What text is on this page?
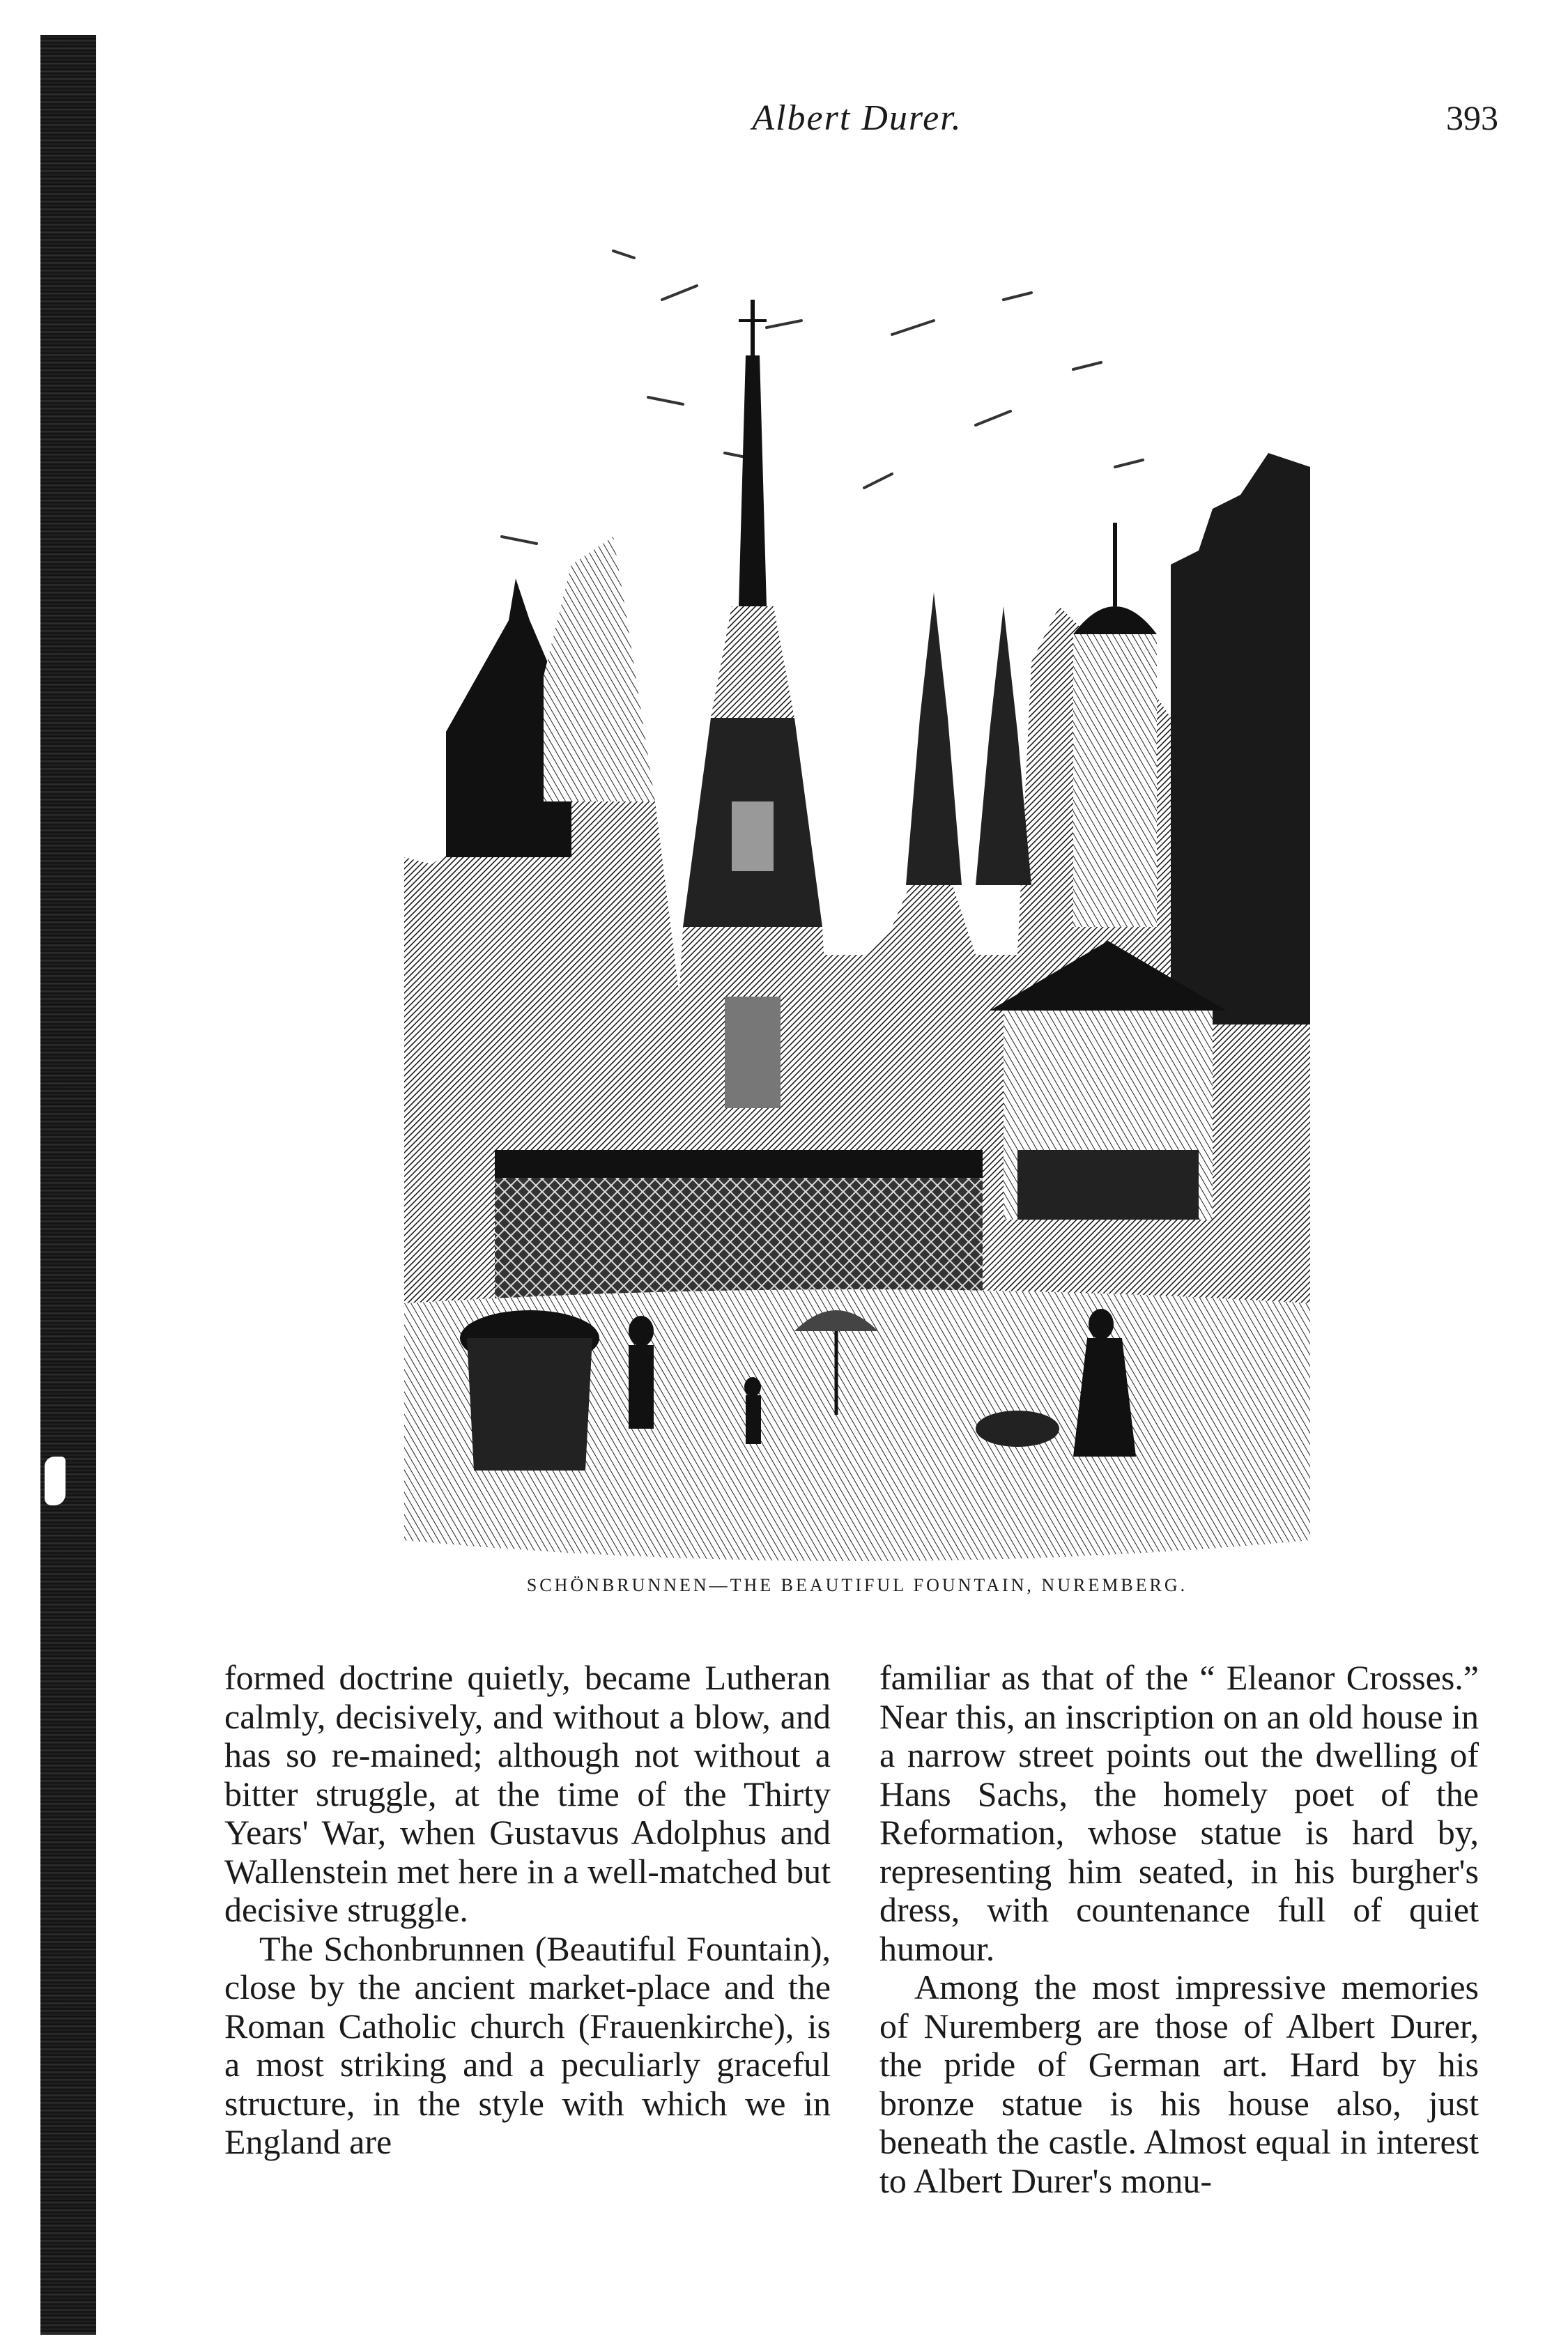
Albert Durer.	393
SCHÖNBRUNNEN—THE BEAUTIFUL FOUNTAIN, NUREMBERG.

formed doctrine quietly, became Lutheran calmly, decisively, and without a blow, and has so re-mained; although not without a bitter struggle, at the time of the Thirty Years' War, when Gustavus Adolphus and Wallenstein met here in a well-matched but decisive struggle.

The Schonbrunnen (Beautiful Fountain), close by the ancient market-place and the Roman Catholic church (Frauenkirche), is a most striking and a peculiarly graceful structure, in the style with which we in England are

familiar as that of the “ Eleanor Crosses.” Near this, an inscription on an old house in a narrow street points out the dwelling of Hans Sachs, the homely poet of the Reformation, whose statue is hard by, representing him seated, in his burgher's dress, with countenance full of quiet humour.

Among the most impressive memories of Nuremberg are those of Albert Durer, the pride of German art. Hard by his bronze statue is his house also, just beneath the castle. Almost equal in interest to Albert Durer's monu-
